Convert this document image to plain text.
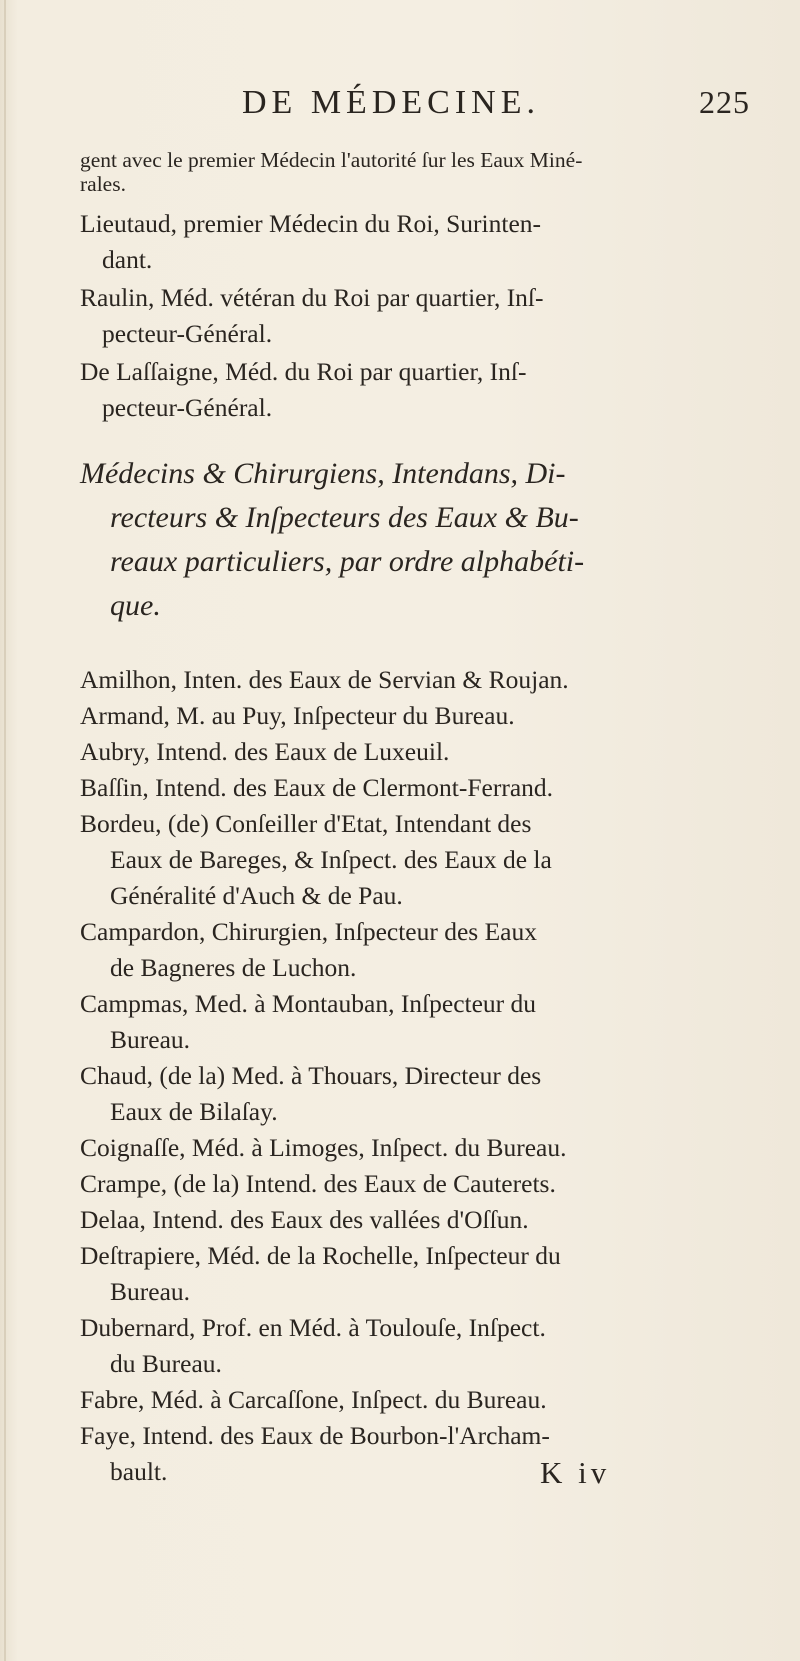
DE MÉDECINE.	225
gent avec le premier Médecin l'autorité ſur les Eaux Miné-
rales.
Lieutaud, premier Médecin du Roi, Surinten-
dant.
Raulin, Méd. vétéran du Roi par quartier, Inſ-
pecteur-Général.
De Laſſaigne, Méd. du Roi par quartier, Inſ-
pecteur-Général.
Médecins & Chirurgiens, Intendans, Di-
recteurs & Inſpecteurs des Eaux & Bu-
reaux particuliers, par ordre alphabéti-
que.
Amilhon, Inten. des Eaux de Servian & Roujan.
Armand, M. au Puy, Inſpecteur du Bureau.
Aubry, Intend. des Eaux de Luxeuil.
Baſſin, Intend. des Eaux de Clermont-Ferrand.
Bordeu, (de) Conſeiller d'Etat, Intendant des
Eaux de Bareges, & Inſpect. des Eaux de la
Généralité d'Auch & de Pau.
Campardon, Chirurgien, Inſpecteur des Eaux
de Bagneres de Luchon.
Campmas, Med. à Montauban, Inſpecteur du
Bureau.
Chaud, (de la) Med. à Thouars, Directeur des
Eaux de Bilaſay.
Coignaſſe, Méd. à Limoges, Inſpect. du Bureau.
Crampe, (de la) Intend. des Eaux de Cauterets.
Delaa, Intend. des Eaux des vallées d'Oſſun.
Deſtrapiere, Méd. de la Rochelle, Inſpecteur du
Bureau.
Dubernard, Prof. en Méd. à Toulouſe, Inſpect.
du Bureau.
Fabre, Méd. à Carcaſſone, Inſpect. du Bureau.
Faye, Intend. des Eaux de Bourbon-l'Archam-
bault.	K iv
